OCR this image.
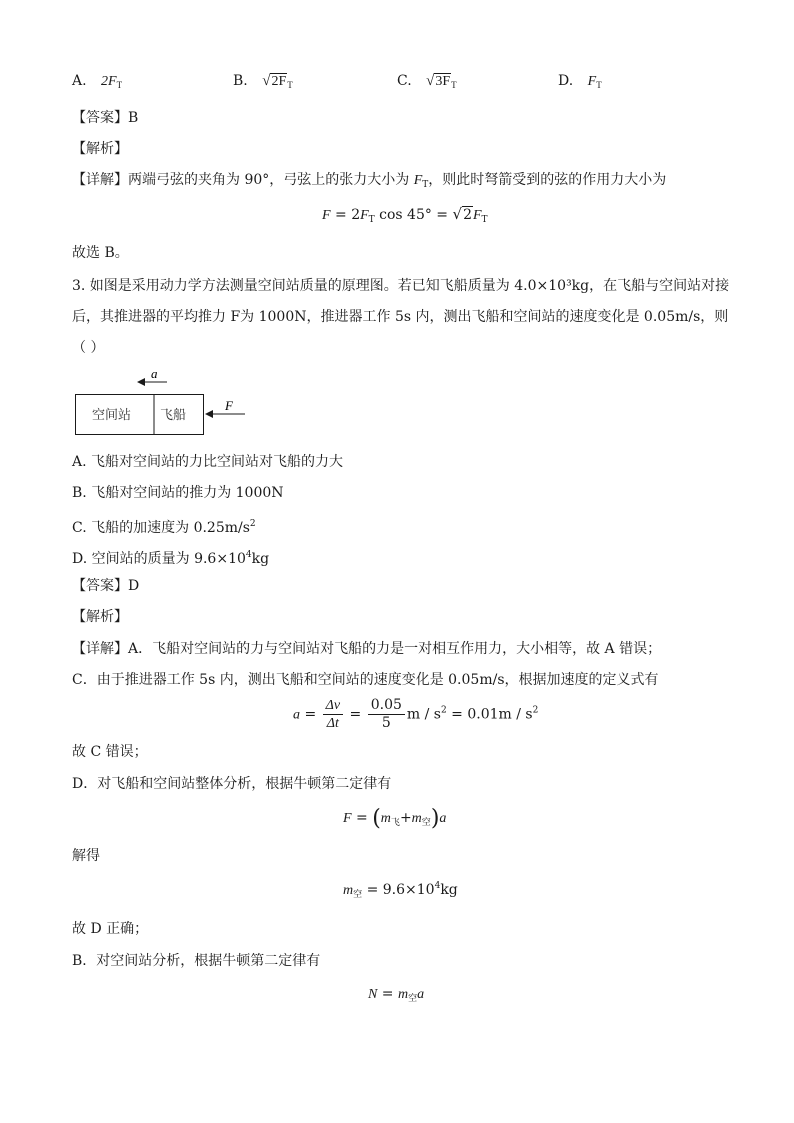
A. $2F_T$	B. $√2F_T$	C. $√3F_T$	D. $F_T$
【答案】B
【解析】
【详解】两端弓弦的夹角为 90°，弓弦上的张力大小为 $F_T$，则此时弩箭受到的弦的作用力大小为
$F = 2F_T$ $\cos 45^\circ = √2F_T$
故选 B。
3. 如图是采用动力学方法测量空间站质量的原理图。若已知飞船质量为 4.0×10³kg，在飞船与空间站对接
后，其推进器的平均推力 F为 1000N，推进器工作 5s 内，测出飞船和空间站的速度变化是 0.05m/s，则
（ ）
a
空间站 飞船
F
A. 飞船对空间站的力比空间站对飞船的力大
B. 飞船对空间站的推力为 1000N
C. 飞船的加速度为 $0.25m/s^2$
D. 空间站的质量为 $9.6\times 10^4kg$
【答案】D
【解析】
【详解】A．飞船对空间站的力与空间站对飞船的力是一对相互作用力，大小相等，故 A 错误；
C．由于推进器工作 5s 内，测出飞船和空间站的速度变化是 0.05m/s，根据加速度的定义式有
$a = \frac{\Delta v}{\Delta t} = \frac{0.05}{5}$ $m / s^2 = 0.01m / s^2$
故 C 错误；
D．对飞船和空间站整体分析，根据牛顿第二定律有
$F = (m_飞+m_空)a$
解得
$m_空 = 9.6\times 10^4kg$
故 D 正确；
B．对空间站分析，根据牛顿第二定律有
$N = m_空a$
